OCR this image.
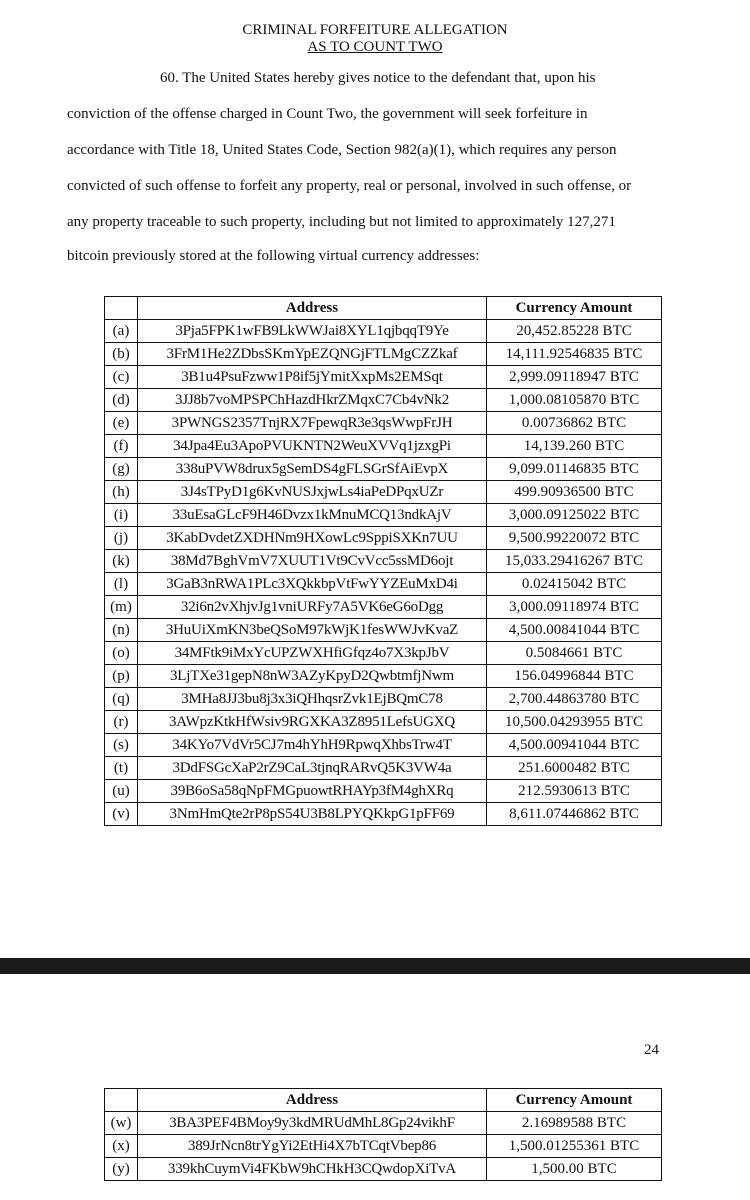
CRIMINAL FORFEITURE ALLEGATION
AS TO COUNT TWO
60. The United States hereby gives notice to the defendant that, upon his
conviction of the offense charged in Count Two, the government will seek forfeiture in
accordance with Title 18, United States Code, Section 982(a)(1), which requires any person
convicted of such offense to forfeit any property, real or personal, involved in such offense, or
any property traceable to such property, including but not limited to approximately 127,271
bitcoin previously stored at the following virtual currency addresses:
	Address	Currency Amount
(a)	3Pja5FPK1wFB9LkWWJai8XYL1qjbqqT9Ye	20,452.85228 BTC
(b)	3FrM1He2ZDbsSKmYpEZQNGjFTLMgCZZkaf	14,111.92546835 BTC
(c)	3B1u4PsuFzww1P8if5jYmitXxpMs2EMSqt	2,999.09118947 BTC
(d)	3JJ8b7voMPSPChHazdHkrZMqxC7Cb4vNk2	1,000.08105870 BTC
(e)	3PWNGS2357TnjRX7FpewqR3e3qsWwpFrJH	0.00736862 BTC
(f)	34Jpa4Eu3ApoPVUKNTN2WeuXVVq1jzxgPi	14,139.260 BTC
(g)	338uPVW8drux5gSemDS4gFLSGrSfAiEvpX	9,099.01146835 BTC
(h)	3J4sTPyD1g6KvNUSJxjwLs4iaPeDPqxUZr	499.90936500 BTC
(i)	33uEsaGLcF9H46Dvzx1kMnuMCQ13ndkAjV	3,000.09125022 BTC
(j)	3KabDvdetZXDHNm9HXowLc9SppiSXKn7UU	9,500.99220072 BTC
(k)	38Md7BghVmV7XUUT1Vt9CvVcc5ssMD6ojt	15,033.29416267 BTC
(l)	3GaB3nRWA1PLc3XQkkbpVtFwYYZEuMxD4i	0.02415042 BTC
(m)	32i6n2vXhjvJg1vniURFy7A5VK6eG6oDgg	3,000.09118974 BTC
(n)	3HuUiXmKN3beQSoM97kWjK1fesWWJvKvaZ	4,500.00841044 BTC
(o)	34MFtk9iMxYcUPZWXHfiGfqz4o7X3kpJbV	0.5084661 BTC
(p)	3LjTXe31gepN8nW3AZyKpyD2QwbtmfjNwm	156.04996844 BTC
(q)	3MHa8JJ3bu8j3x3iQHhqsrZvk1EjBQmC78	2,700.44863780 BTC
(r)	3AWpzKtkHfWsiv9RGXKA3Z8951LefsUGXQ	10,500.04293955 BTC
(s)	34KYo7VdVr5CJ7m4hYhH9RpwqXhbsTrw4T	4,500.00941044 BTC
(t)	3DdFSGcXaP2rZ9CaL3tjnqRARvQ5K3VW4a	251.6000482 BTC
(u)	39B6oSa58qNpFMGpuowtRHAYp3fM4ghXRq	212.5930613 BTC
(v)	3NmHmQte2rP8pS54U3B8LPYQKkpG1pFF69	8,611.07446862 BTC
24
	Address	Currency Amount
(w)	3BA3PEF4BMoy9y3kdMRUdMhL8Gp24vikhF	2.16989588 BTC
(x)	389JrNcn8trYgYi2EtHi4X7bTCqtVbep86	1,500.01255361 BTC
(y)	339khCuymVi4FKbW9hCHkH3CQwdopXiTvA	1,500.00 BTC
